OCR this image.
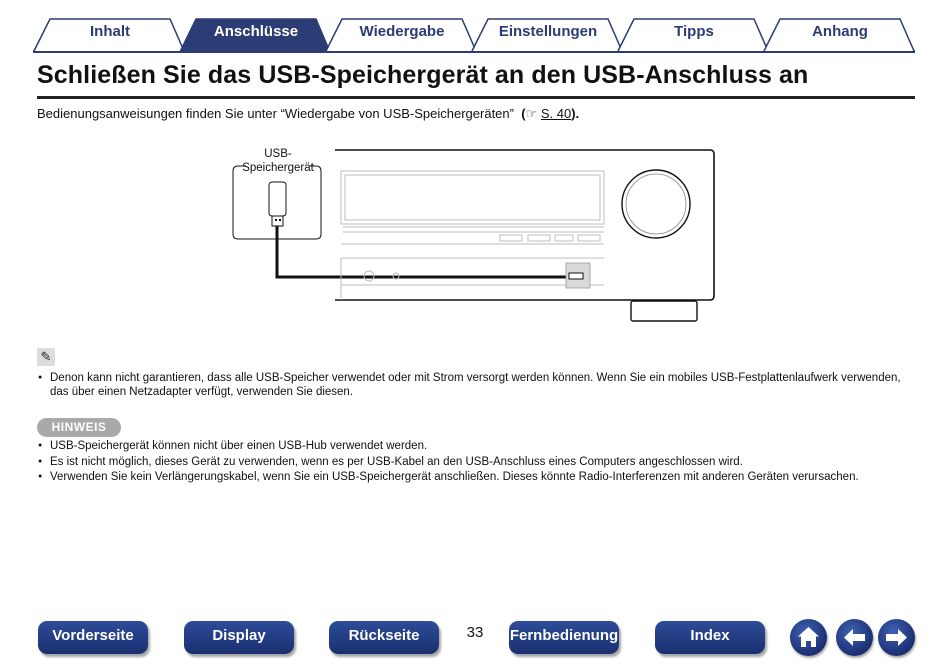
Inhalt	Anschlüsse	Wiedergabe	Einstellungen	Tipps	Anhang
Schließen Sie das USB-Speichergerät an den USB-Anschluss an
Bedienungsanweisungen finden Sie unter “Wiedergabe von USB-Speichergeräten”  (☞ S. 40).
USB-
Speichergerät
✎
● Denon kann nicht garantieren, dass alle USB-Speicher verwendet oder mit Strom versorgt werden können. Wenn Sie ein mobiles USB-Festplattenlaufwerk verwenden, das über einen Netzadapter verfügt, verwenden Sie diesen.
HINWEIS
● USB-Speichergerät können nicht über einen USB-Hub verwendet werden.
● Es ist nicht möglich, dieses Gerät zu verwenden, wenn es per USB-Kabel an den USB-Anschluss eines Computers angeschlossen wird.
● Verwenden Sie kein Verlängerungskabel, wenn Sie ein USB-Speichergerät anschließen. Dieses könnte Radio-Interferenzen mit anderen Geräten verursachen.
Vorderseite	Display	Rückseite	33	Fernbedienung	Index
